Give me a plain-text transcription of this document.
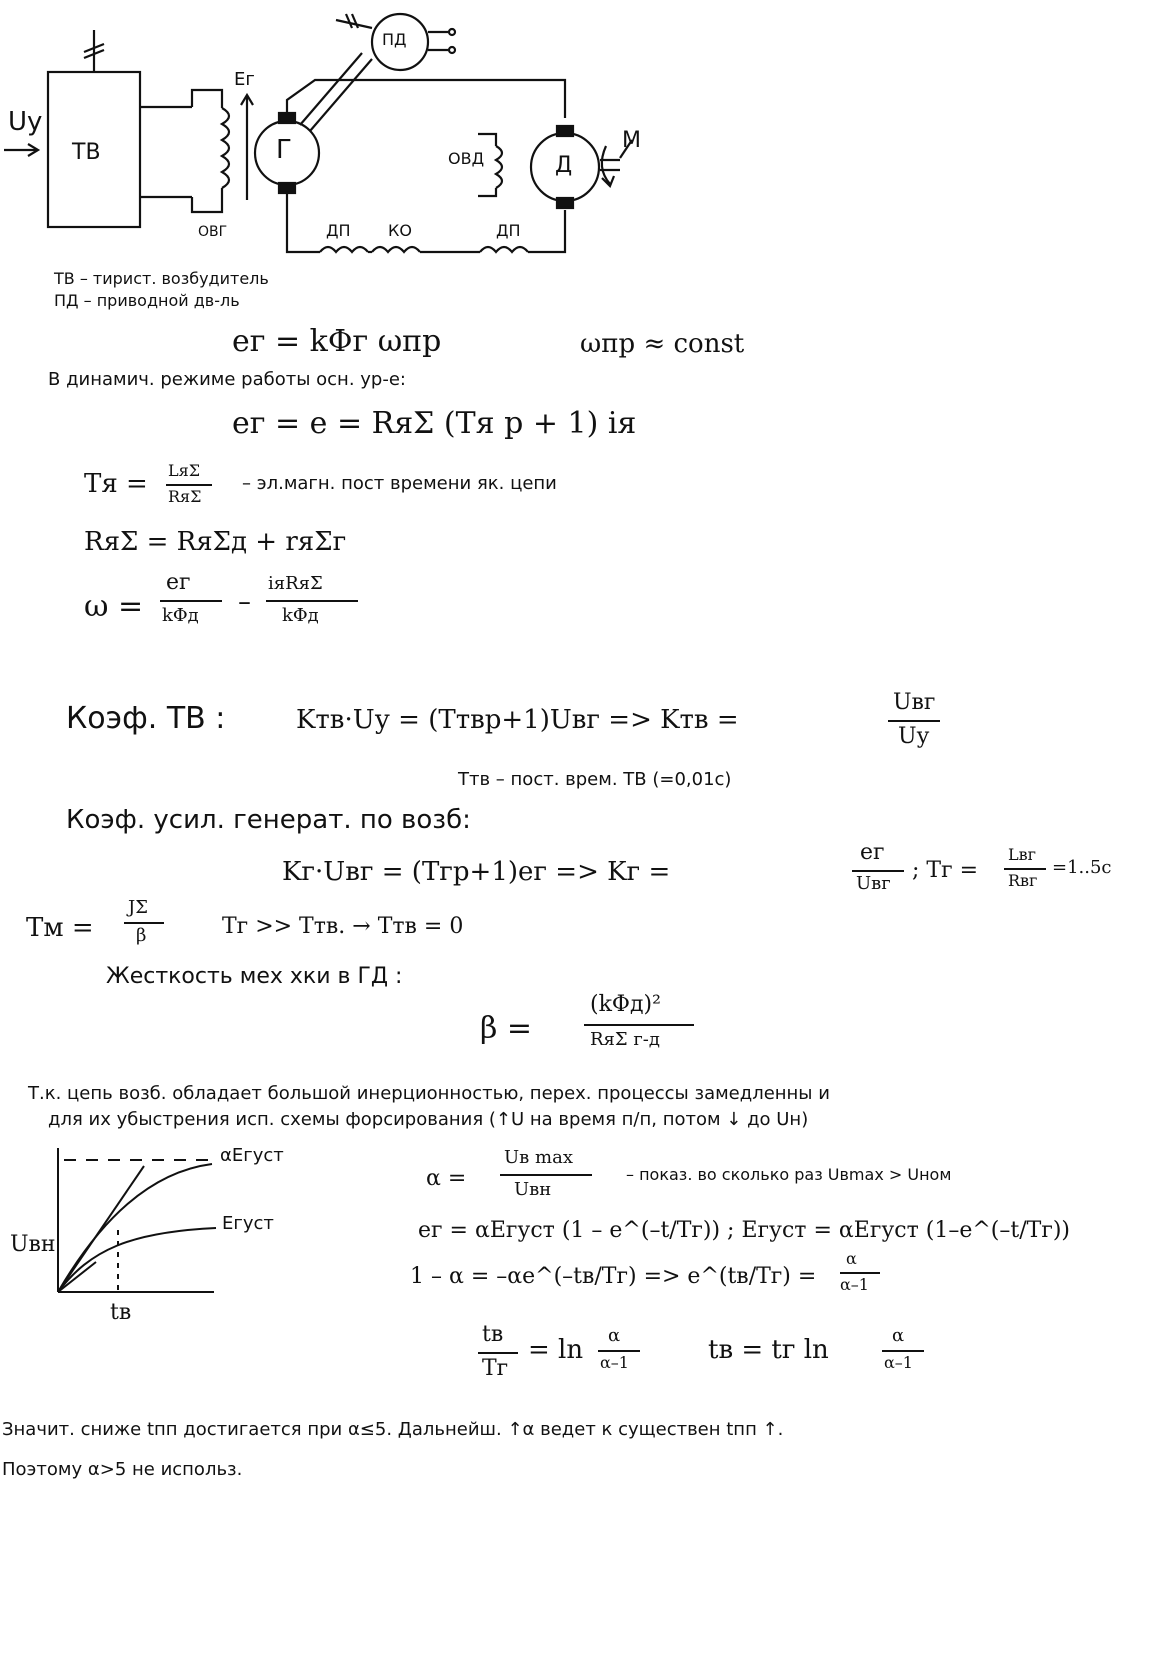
Uу
ТВ
ПД
Eг
Г
ОВГ
ОВД	Д
M
ДП КО	ДП
ТВ – тирист. возбудитель
ПД – приводной дв-ль
eг = kΦг ωпр	ωпр ≈ const
В динамич. режиме работы осн. ур-е:
eг = e = RяΣ (Tя p + 1) iя
Tя = LяΣ
RяΣ
– эл.магн. пост времени як. цепи
RяΣ = RяΣд + rяΣг
ω =
eг
kΦд –
iяRяΣ
kΦд
Коэф. ТВ :	Kтв·Uу = (Tтвp+1)Uвг => Kтв =
Uвг
Uу
Tтв – пост. врем. ТВ (=0,01с)
Коэф. усил. генерат. по возб:
Kг·Uвг = (Tгp+1)eг => Kг =
eг
Uвг
; Tг =
Lвг
Rвг
=1..5c
Tм =
JΣ
β	Tг >> Tтв. → Tтв = 0
Жесткость мех хки в ГД :
β =
(kΦд)²
RяΣ г-д
Т.к. цепь возб. обладает большой инерционностью, перех. процессы замедленны и
для их убыстрения исп. схемы форсирования (↑U на время п/п, потом ↓ до Uн)
αEгуст
Eгуст
Uвн
tв
α =
Uв max
Uвн
– показ. во сколько раз Uвmax > Uном
eг = αEгуст (1 – e^(–t/Tг)) ; Eгуст = αEгуст (1–e^(–t/Tг))
1 – α = –αe^(–tв/Tг) => e^(tв/Tг) =
α
α–1
tв
Tг
= ln α
α–1	tв = tг ln	α
α–1
Значит. сниже tпп достигается при α≤5. Дальнейш. ↑α ведет к существен tпп ↑.
Поэтому α>5 не использ.
